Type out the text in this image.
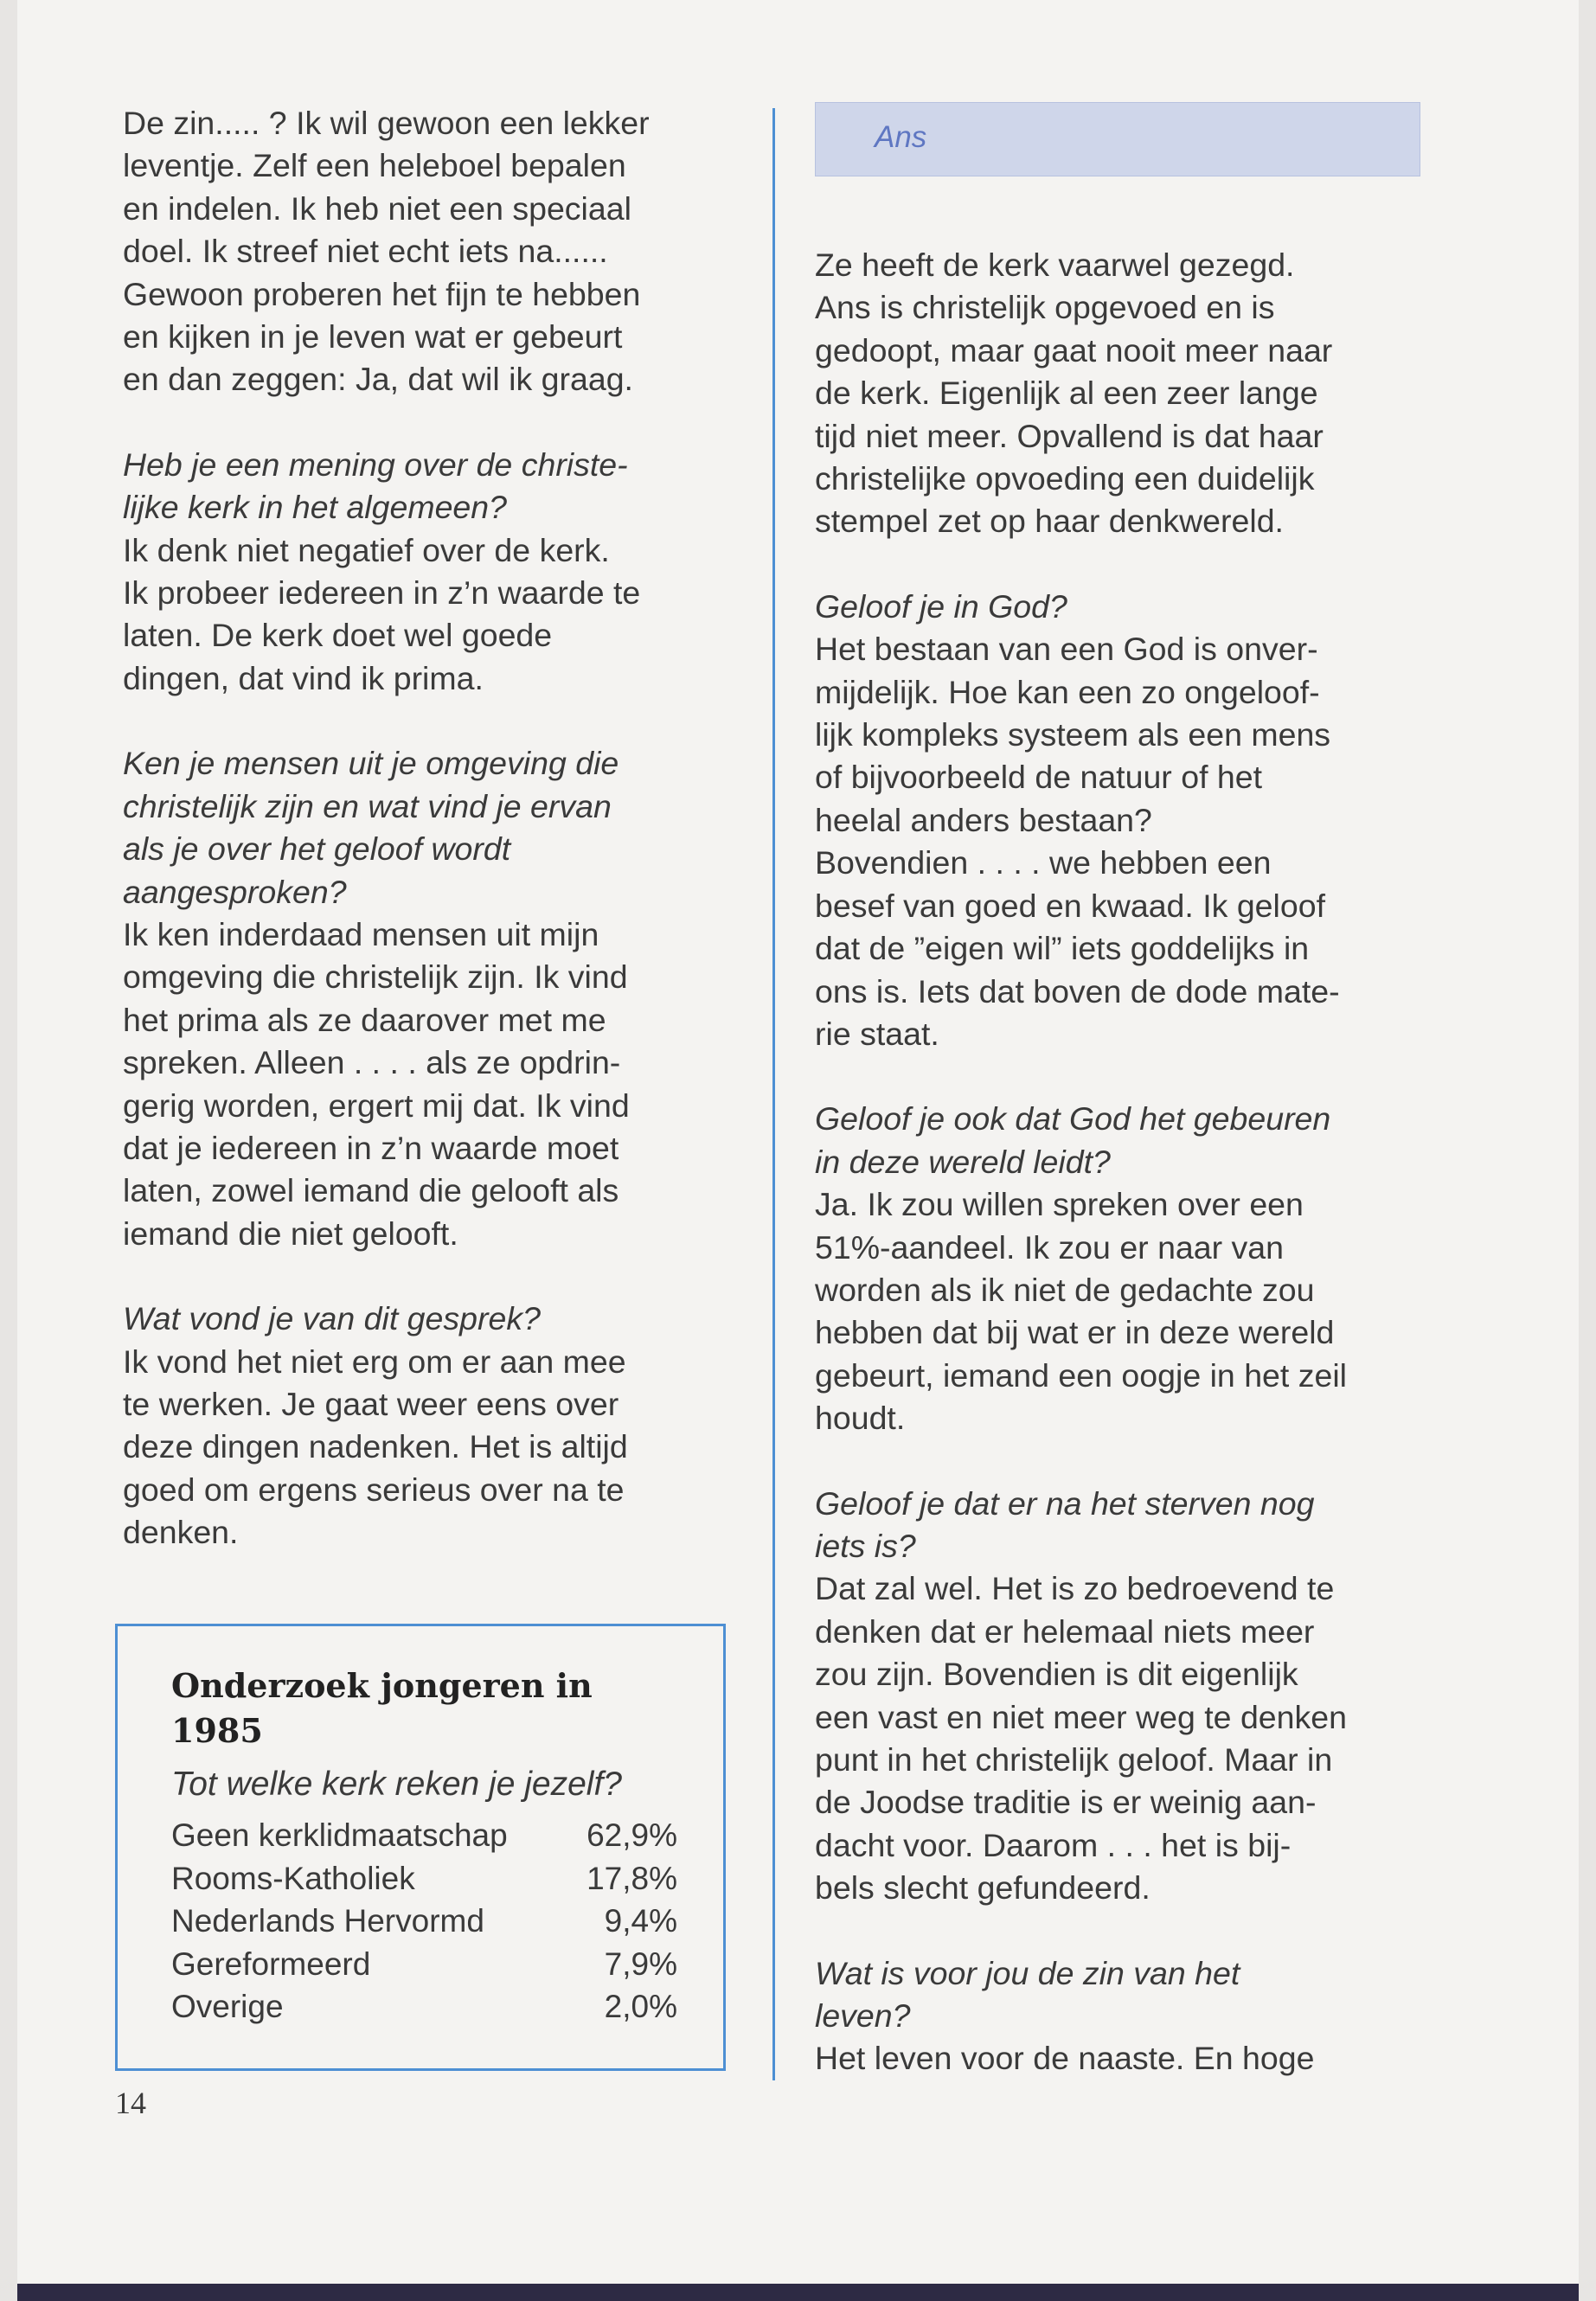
De zin..... ? Ik wil gewoon een lekker
leventje. Zelf een heleboel bepalen
en indelen. Ik heb niet een speciaal
doel. Ik streef niet echt iets na......
Gewoon proberen het fijn te hebben
en kijken in je leven wat er gebeurt
en dan zeggen: Ja, dat wil ik graag.
Heb je een mening over de christe-
lijke kerk in het algemeen?
Ik denk niet negatief over de kerk.
Ik probeer iedereen in z’n waarde te
laten. De kerk doet wel goede
dingen, dat vind ik prima.
Ken je mensen uit je omgeving die
christelijk zijn en wat vind je ervan
als je over het geloof wordt
aangesproken?
Ik ken inderdaad mensen uit mijn
omgeving die christelijk zijn. Ik vind
het prima als ze daarover met me
spreken. Alleen . . . . als ze opdrin-
gerig worden, ergert mij dat. Ik vind
dat je iedereen in z’n waarde moet
laten, zowel iemand die gelooft als
iemand die niet gelooft.
Wat vond je van dit gesprek?
Ik vond het niet erg om er aan mee
te werken. Je gaat weer eens over
deze dingen nadenken. Het is altijd
goed om ergens serieus over na te
denken.
Ans
Ze heeft de kerk vaarwel gezegd.
Ans is christelijk opgevoed en is
gedoopt, maar gaat nooit meer naar
de kerk. Eigenlijk al een zeer lange
tijd niet meer. Opvallend is dat haar
christelijke opvoeding een duidelijk
stempel zet op haar denkwereld.
Geloof je in God?
Het bestaan van een God is onver-
mijdelijk. Hoe kan een zo ongeloof-
lijk kompleks systeem als een mens
of bijvoorbeeld de natuur of het
heelal anders bestaan?
Bovendien . . . . we hebben een
besef van goed en kwaad. Ik geloof
dat de ”eigen wil” iets goddelijks in
ons is. Iets dat boven de dode mate-
rie staat.
Geloof je ook dat God het gebeuren
in deze wereld leidt?
Ja. Ik zou willen spreken over een
51%-aandeel. Ik zou er naar van
worden als ik niet de gedachte zou
hebben dat bij wat er in deze wereld
gebeurt, iemand een oogje in het zeil
houdt.
Geloof je dat er na het sterven nog
iets is?
Dat zal wel. Het is zo bedroevend te
denken dat er helemaal niets meer
zou zijn. Bovendien is dit eigenlijk
een vast en niet meer weg te denken
punt in het christelijk geloof. Maar in
de Joodse traditie is er weinig aan-
dacht voor. Daarom . . . het is bij-
bels slecht gefundeerd.
Wat is voor jou de zin van het
leven?
Het leven voor de naaste. En hoge
Onderzoek jongeren in
1985
Tot welke kerk reken je jezelf?
Geen kerklidmaatschap 62,9%
Rooms-Katholiek	17,8%
Nederlands Hervormd	9,4%
Gereformeerd	7,9%
Overige	2,0%
14
